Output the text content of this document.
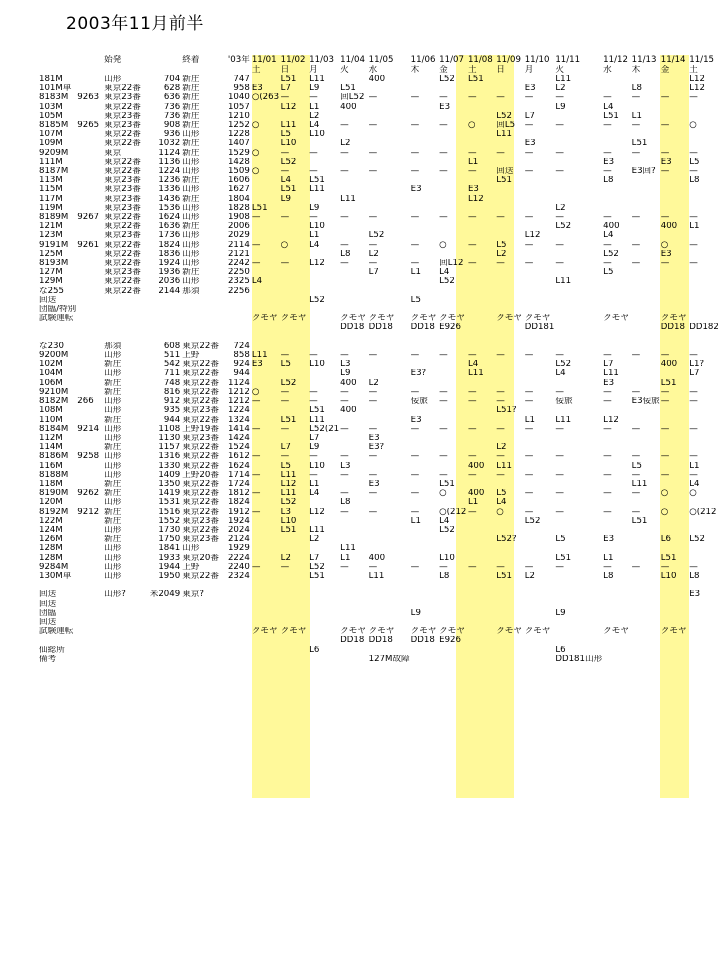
2003年11月前半
		始発		終着	'03年	11/01	11/02	11/03	11/04	11/05	11/06	11/07	11/08	11/09	11/10	11/11	11/12	11/13	11/14	11/15
						土	日	月	火	水	木	金	土	日	月	火	水	木	金	土
181M		山形	704	新庄	747		L51	L11		400		L52	L51			L11				L12
101M単		東京22番	628	新庄	958	E3	L7	L9	L51						E3	L2		L8		L12
8183M	9263	東京23番	636	新庄	1040	○(263	—	—	回L52	—	—	—	—	—	—	—	—	—	—	—
103M		東京22番	736	新庄	1057		L12	L1	400			E3				L9	L4			
105M		東京23番	736	新庄	1210			L2						L52	L7		L51	L1		
8185M	9265	東京23番	908	新庄	1252	○	L11	L4	—	—	—	—	○	回L5	—	—	—	—	—	○
107M		東京22番	936	山形	1228		L5	L10						L11						
109M		東京22番	1032	新庄	1407		L10		L2						E3			L51		
9209M		東京	1124	新庄	1529	○	—	—	—	—	—	—	—	—	—	—	—	—	—	—
111M		東京22番	1136	山形	1428		L52						L1				E3		E3	L5
8187M		東京22番	1224	山形	1509	○	—	—	—	—	—	—	—	回送	—	—	—	E3回?	—	—
113M		東京23番	1236	新庄	1606		L4	L51						L51			L8			L8
115M		東京23番	1336	山形	1627		L51	L11			E3		E3							
117M		東京23番	1436	新庄	1804		L9		L11				L12							
119M		東京23番	1536	山形	1828	L51		L9								L2				
8189M	9267	東京22番	1624	山形	1908	—	—	—	—	—	—	—	—	—	—	—	—	—	—	—
121M		東京22番	1636	新庄	2006			L10								L52	400		400	L1
123M		東京23番	1736	山形	2029			L1		L52					L12		L4			
9191M	9261	東京22番	1824	山形	2114	—	○	L4	—	—	—	○	—	L5	—	—	—	—	○	—
125M		東京22番	1836	山形	2121				L8	L2				L2			L52		E3	
8193M		東京22番	1924	山形	2242	—	—	L12	—	—	—	回L12	—	—	—	—	—	—	—	—
127M		東京23番	1936	新庄	2250					L7	L1	L4					L5			
129M		東京22番	2036	山形	2325	L4						L52				L11				
な255		東京22番	2144	那須	2256															
回送								L52			L5									
団臨/特別																				
試験運転						クモヤ	クモヤ		クモヤ	クモヤ	クモヤ	クモヤ		クモヤ	クモヤ		クモヤ		クモヤ	
									DD18	DD18	DD18	E926			DD181				DD18	DD182

な230		那須	608	東京22番	724															
9200M		山形	511	上野	858	L11	—	—	—	—	—	—	—	—	—	—	—	—	—	—
102M		新庄	542	東京22番	924	E3	L5	L10	L3				L4			L52	L7		400	L1?
104M		山形	711	東京22番	944				L9		E3?		L11			L4	L11			L7
106M		新庄	748	東京22番	1124		L52		400	L2							E3		L51	
9210M		新庄	816	東京22番	1212	○	—	—	—	—	—	—	—	—	—	—	—	—	—	—
8182M	266	山形	912	東京22番	1212	—	—	—	—	—	佞旅	—	—	—	—	佞旅	—	E3佞旅	—	—
108M		山形	935	東京23番	1224			L51	400					L51?						
110M		新庄	944	東京22番	1324		L51	L11			E3				L1	L11	L12			
8184M	9214	山形	1108	上野19番	1414	—	—	L52(21	—	—	—	—	—	—	—	—	—	—	—	—
112M		山形	1130	東京23番	1424			L7		E3										
114M		新庄	1157	東京22番	1524		L7	L9		E3?				L2						
8186M	9258	山形	1316	東京22番	1612	—	—	—	—	—	—	—	—	—	—	—	—	—	—	—
116M		山形	1330	東京22番	1624		L5	L10	L3				400	L11				L5		L1
8188M		山形	1409	上野20番	1714	—	L11	—	—	—	—	—	—	—	—	—	—	—	—	—
118M		新庄	1350	東京22番	1724		L12	L1		E3		L51						L11		L4
8190M	9262	新庄	1419	東京22番	1812	—	L11	L4	—	—	—	○	400	L5	—	—	—	—	○	○
120M		山形	1531	東京22番	1824		L52		L8				L1	L4						
8192M	9212	新庄	1516	東京22番	1912	—	L3	L12	—	—	—	○(212	—	○	—	—	—	—	○	○(212
122M		新庄	1552	東京23番	1924		L10				L1	L4			L52			L51		
124M		山形	1730	東京22番	2024		L51	L11				L52								
126M		新庄	1750	東京23番	2124			L2						L52?		L5	E3		L6	L52
128M		山形	1841	山形	1929				L11											
128M		山形	1933	東京20番	2224		L2	L7	L1	400		L10				L51	L1		L51	
9284M		山形	1944	上野	2240	—	—	L52	—	—	—	—	—	—	—	—	—	—	—	—
130M単		山形	1950	東京22番	2324			L51		L11		L8		L51	L2		L8		L10	L8

回送		山形?	米2049	東京?																E3
回送																				
団臨											L9					L9				
回送																				
試験運転						クモヤ	クモヤ		クモヤ	クモヤ	クモヤ	クモヤ		クモヤ	クモヤ		クモヤ		クモヤ	
									DD18	DD18	DD18	E926								
仙総所								L6								L6				
備考										127M故障						DD181山形				
